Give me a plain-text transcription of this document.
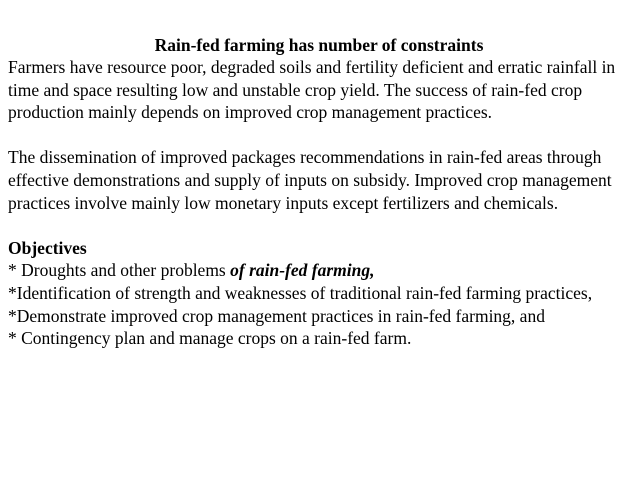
Rain-fed farming has number of constraints

Farmers have resource poor, degraded soils and fertility deficient and erratic rainfall in time and space resulting low and unstable crop yield. The success of rain-fed crop production mainly depends on improved crop management practices.

The dissemination of improved packages recommendations in rain-fed areas through effective demonstrations and supply of inputs on subsidy. Improved crop management practices involve mainly low monetary inputs except fertilizers and chemicals.

Objectives

* Droughts and other problems of rain-fed farming,

*Identification of strength and weaknesses of traditional rain-fed farming practices,

*Demonstrate improved crop management practices in rain-fed farming, and

* Contingency plan and manage crops on a rain-fed farm.
